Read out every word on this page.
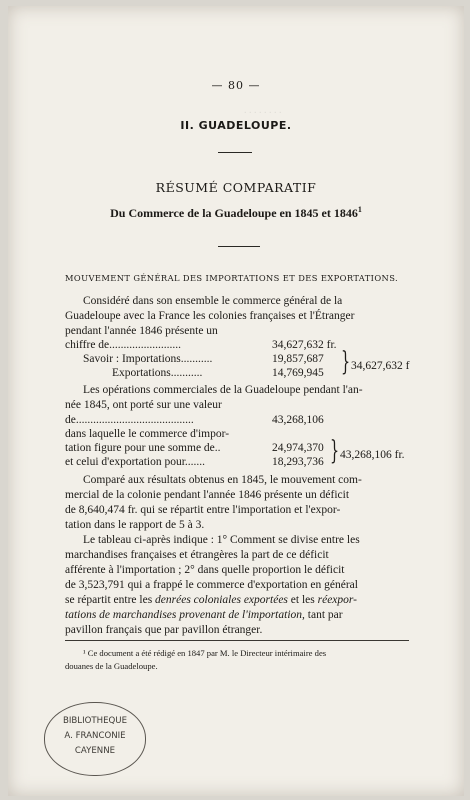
. . . . . . . .
— 80 —
II. GUADELOUPE.
RÉSUMÉ COMPARATIF
Du Commerce de la Guadeloupe en 1845 et 1846$^1$
MOUVEMENT GÉNÉRAL DES IMPORTATIONS ET DES EXPORTATIONS.
Considéré dans son ensemble le commerce général de la
Guadeloupe avec la France les colonies françaises et l'Étranger
pendant l'année 1846 présente un
chiffre de.........................	34,627,632 fr.
Savoir : Importations...........	19,857,687
Exportations...........	14,769,945 } 34,627,632 f
Les opérations commerciales de la Guadeloupe pendant l'an-
née 1845, ont porté sur une valeur
de.........................................	43,268,106
dans laquelle le commerce d'impor-
tation figure pour une somme de..	24,974,370
et celui d'exportation pour.......	18,293,736 } 43,268,106 fr.
Comparé aux résultats obtenus en 1845, le mouvement com-
mercial de la colonie pendant l'année 1846 présente un déficit
de 8,640,474 fr. qui se répartit entre l'importation et l'expor-
tation dans le rapport de 5 à 3.
Le tableau ci-après indique : 1° Comment se divise entre les
marchandises françaises et étrangères la part de ce déficit
afférente à l'importation ; 2° dans quelle proportion le déficit
de 3,523,791 qui a frappé le commerce d'exportation en général
se répartit entre les denrées coloniales exportées et les réexpor-
tations de marchandises provenant de l'importation, tant par
pavillon français que par pavillon étranger.
¹ Ce document a été rédigé en 1847 par M. le Directeur intérimaire des
douanes de la Guadeloupe.
BIBLIOTHEQUE
A. FRANCONIE
CAYENNE
